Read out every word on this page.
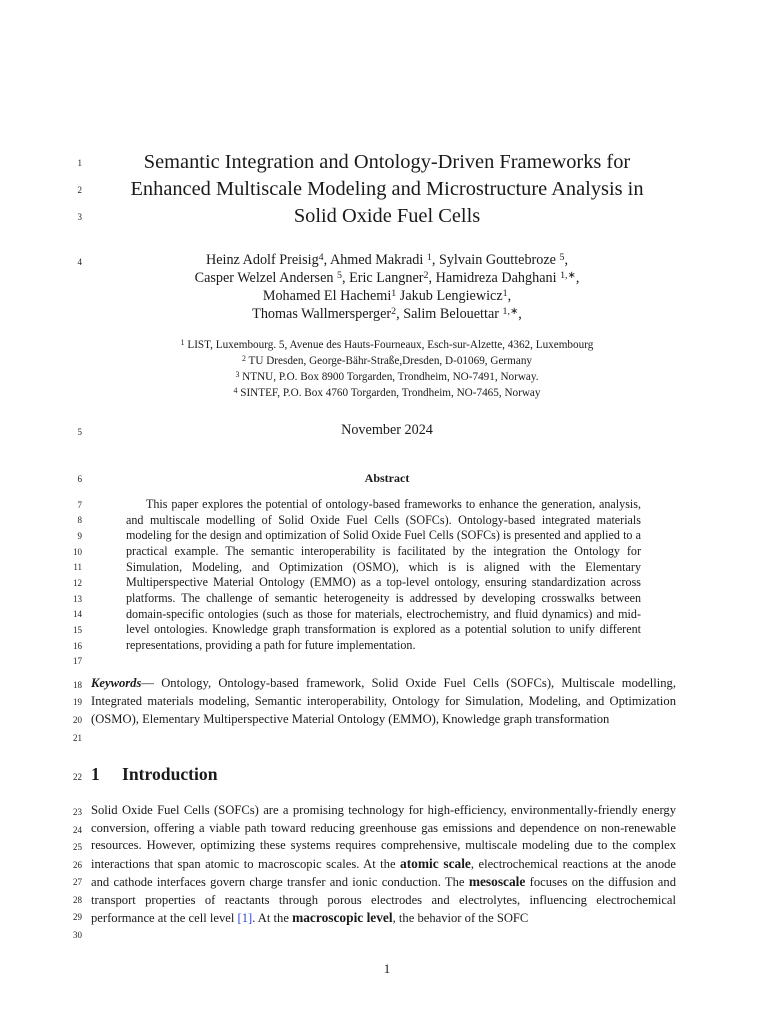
1
2
3
4
5
6
7
8
9
10
11
12
13
14
15
16
17
18
19
20
21
22
23
24
25
26
27
28
29
30
Semantic Integration and Ontology-Driven Frameworks for
Enhanced Multiscale Modeling and Microstructure Analysis in
Solid Oxide Fuel Cells
Heinz Adolf Preisig$^4$, Ahmed Makradi $^1$, Sylvain Gouttebroze $^5$,
Casper Welzel Andersen $^5$, Eric Langner$^2$, Hamidreza Dahghani $^{1,∗}$,
Mohamed El Hachemi$^1$ Jakub Lengiewicz$^1$,
Thomas Wallmersperger$^2$, Salim Belouettar $^{1,∗}$,
$^1$ LIST, Luxembourg. 5, Avenue des Hauts-Fourneaux, Esch-sur-Alzette, 4362, Luxembourg
$^2$ TU Dresden, George-Bähr-Straße,Dresden, D-01069, Germany
$^3$ NTNU, P.O. Box 8900 Torgarden, Trondheim, NO-7491, Norway.
$^4$ SINTEF, P.O. Box 4760 Torgarden, Trondheim, NO-7465, Norway
November 2024
Abstract
This paper explores the potential of ontology-based frameworks to enhance the generation, analysis, and multiscale modelling of Solid Oxide Fuel Cells (SOFCs). Ontology-based integrated materials modeling for the design and optimization of Solid Oxide Fuel Cells (SOFCs) is presented and applied to a practical example. The semantic interoperability is facilitated by the integration the Ontology for Simulation, Modeling, and Optimization (OSMO), which is is aligned with the Elementary Multiperspective Material Ontology (EMMO) as a top-level ontology, ensuring standardization across platforms. The challenge of semantic heterogeneity is addressed by developing crosswalks between domain-specific ontologies (such as those for materials, electrochemistry, and fluid dynamics) and mid-level ontologies. Knowledge graph transformation is explored as a potential solution to unify different representations, providing a path for future implementation.
Keywords— Ontology, Ontology-based framework, Solid Oxide Fuel Cells (SOFCs), Multiscale modelling, Integrated materials modeling, Semantic interoperability, Ontology for Simulation, Modeling, and Optimization (OSMO), Elementary Multiperspective Material Ontology (EMMO), Knowledge graph transformation
1 Introduction
Solid Oxide Fuel Cells (SOFCs) are a promising technology for high-efficiency, environmentally-friendly energy conversion, offering a viable path toward reducing greenhouse gas emissions and dependence on non-renewable resources. However, optimizing these systems requires comprehensive, multiscale modeling due to the complex interactions that span atomic to macroscopic scales. At the atomic scale, electrochemical reactions at the anode and cathode interfaces govern charge transfer and ionic conduction. The mesoscale focuses on the diffusion and transport properties of reactants through porous electrodes and electrolytes, influencing electrochemical performance at the cell level [1]. At the macroscopic level, the behavior of the SOFC
1
